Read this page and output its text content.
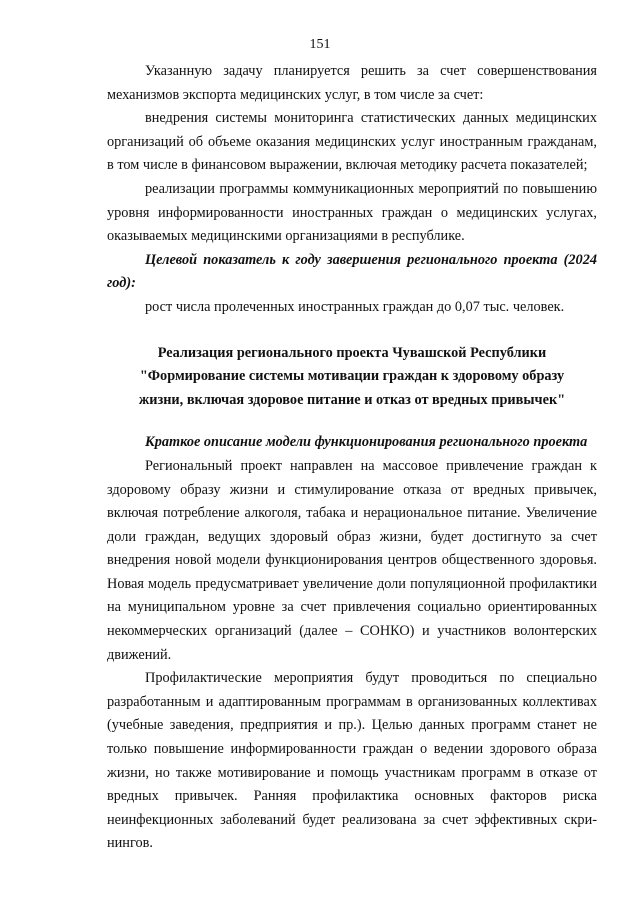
151

Указанную задачу планируется решить за счет совершенствования механизмов экспорта медицинских услуг, в том числе за счет:

внедрения системы мониторинга статистических данных медицинских организаций об объеме оказания медицинских услуг иностранным гражданам, в том числе в финансовом выражении, включая методику расчета показателей;

реализации программы коммуникационных мероприятий по повышению уровня информированности иностранных граждан о медицинских услугах, оказываемых медицинскими организациями в республике.

Целевой показатель к году завершения регионального проекта (2024 год):

рост числа пролеченных иностранных граждан до 0,07 тыс. человек.

Реализация регионального проекта Чувашской Республики
"Формирование системы мотивации граждан к здоровому образу
жизни, включая здоровое питание и отказ от вредных привычек"

Краткое описание модели функционирования регионального проекта

Региональный проект направлен на массовое привлечение граждан к здоровому образу жизни и стимулирование отказа от вредных привычек, включая потребление алкоголя, табака и нерациональное питание. Увеличение доли граждан, ведущих здоровый образ жизни, будет достигнуто за счет внедрения новой модели функционирования центров общественного здоровья. Новая модель предусматривает увеличение доли популяционной профилактики на муниципальном уровне за счет привлечения социально ориентированных некоммерческих организаций (далее – СОНКО) и участников волонтерских движений.

Профилактические мероприятия будут проводиться по специально разработанным и адаптированным программам в организованных коллективах (учебные заведения, предприятия и пр.). Целью данных программ станет не только повышение информированности граждан о ведении здорового образа жизни, но также мотивирование и помощь участникам программ в отказе от вредных привычек. Ранняя профилактика основных факторов риска неинфекционных заболеваний будет реализована за счет эффективных скринингов.
